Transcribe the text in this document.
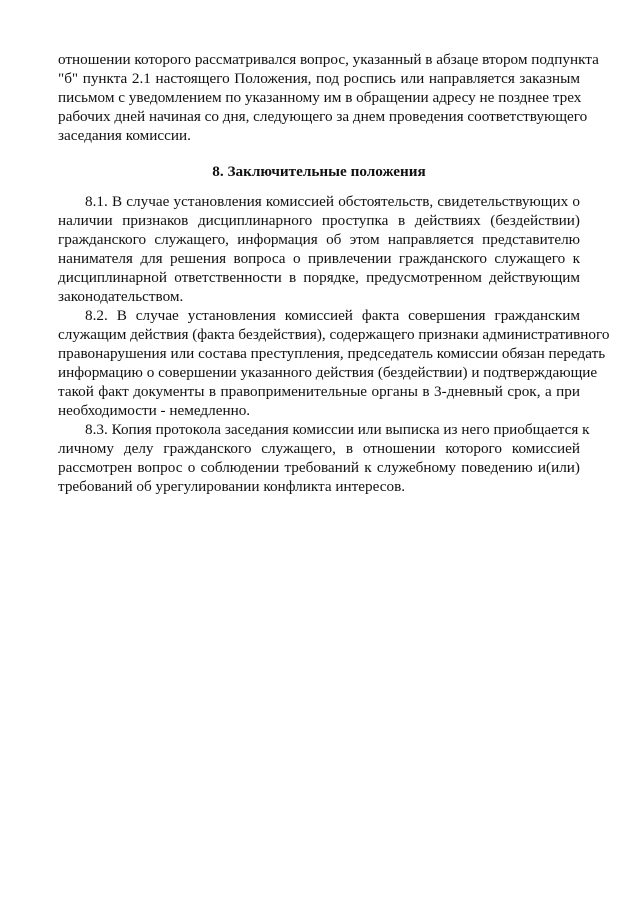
отношении которого рассматривался вопрос, указанный в абзаце втором подпункта
"б" пункта 2.1 настоящего Положения, под роспись или направляется заказным
письмом с уведомлением по указанному им в обращении адресу не позднее трех
рабочих дней начиная со дня, следующего за днем проведения соответствующего
заседания комиссии.
8. Заключительные положения
8.1. В случае установления комиссией обстоятельств, свидетельствующих о
наличии признаков дисциплинарного проступка в действиях (бездействии)
гражданского служащего, информация об этом направляется представителю
нанимателя для решения вопроса о привлечении гражданского служащего к
дисциплинарной ответственности в порядке, предусмотренном действующим
законодательством.
8.2. В случае установления комиссией факта совершения гражданским
служащим действия (факта бездействия), содержащего признаки административного
правонарушения или состава преступления, председатель комиссии обязан передать
информацию о совершении указанного действия (бездействии) и подтверждающие
такой факт документы в правоприменительные органы в 3-дневный срок, а при
необходимости - немедленно.
8.3. Копия протокола заседания комиссии или выписка из него приобщается к
личному делу гражданского служащего, в отношении которого комиссией
рассмотрен вопрос о соблюдении требований к служебному поведению и(или)
требований об урегулировании конфликта интересов.
